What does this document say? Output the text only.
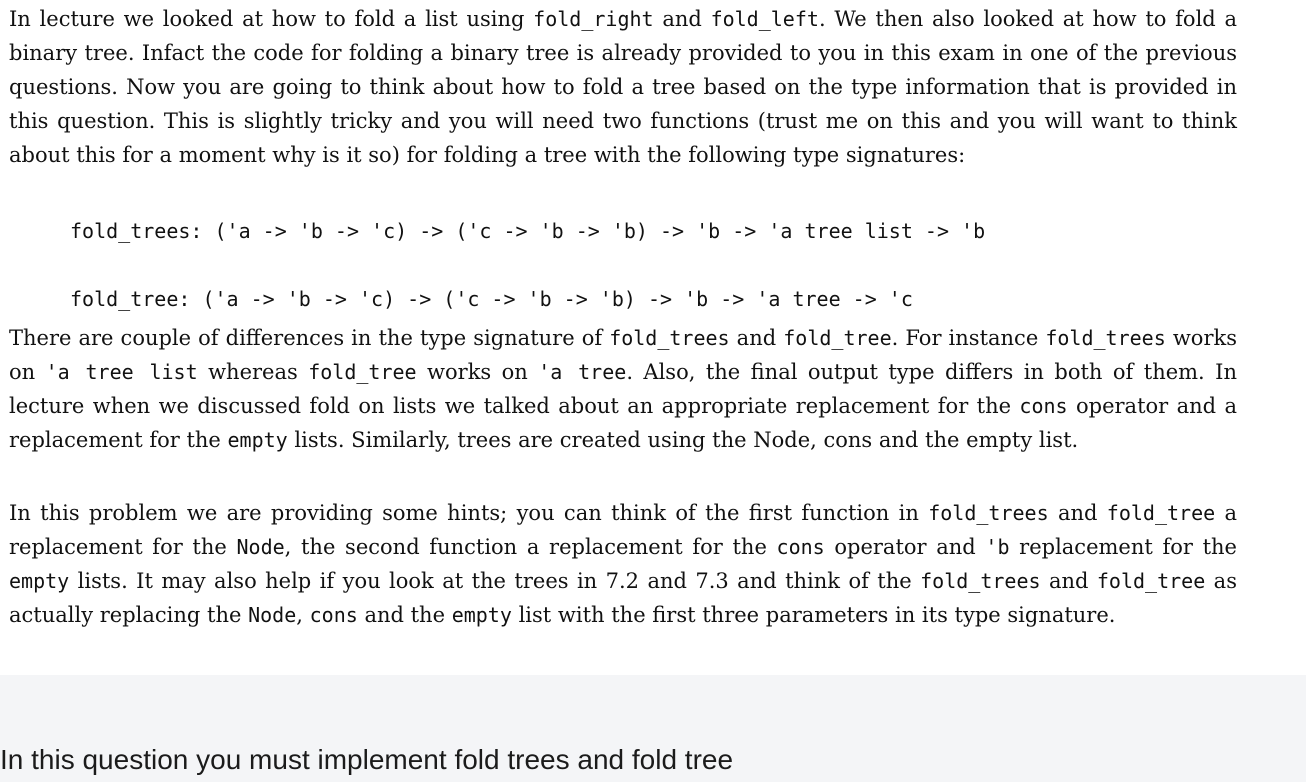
In lecture we looked at how to fold a list using fold_right and fold_left. We then also looked at how to fold a binary tree. Infact the code for folding a binary tree is already provided to you in this exam in one of the previous questions. Now you are going to think about how to fold a tree based on the type information that is provided in this question. This is slightly tricky and you will need two functions (trust me on this and you will want to think about this for a moment why is it so) for folding a tree with the following type signatures:

fold_trees: ('a -> 'b -> 'c) -> ('c -> 'b -> 'b) -> 'b -> 'a tree list -> 'b
fold_tree: ('a -> 'b -> 'c) -> ('c -> 'b -> 'b) -> 'b -> 'a tree -> 'c

There are couple of differences in the type signature of fold_trees and fold_tree. For instance fold_trees works on 'a tree list whereas fold_tree works on 'a tree. Also, the final output type differs in both of them. In lecture when we discussed fold on lists we talked about an appropriate replacement for the cons operator and a replacement for the empty lists. Similarly, trees are created using the Node, cons and the empty list.

In this problem we are providing some hints; you can think of the first function in fold_trees and fold_tree a replacement for the Node, the second function a replacement for the cons operator and 'b replacement for the empty lists. It may also help if you look at the trees in 7.2 and 7.3 and think of the fold_trees and fold_tree as actually replacing the Node, cons and the empty list with the first three parameters in its type signature.

In this question you must implement fold trees and fold tree
